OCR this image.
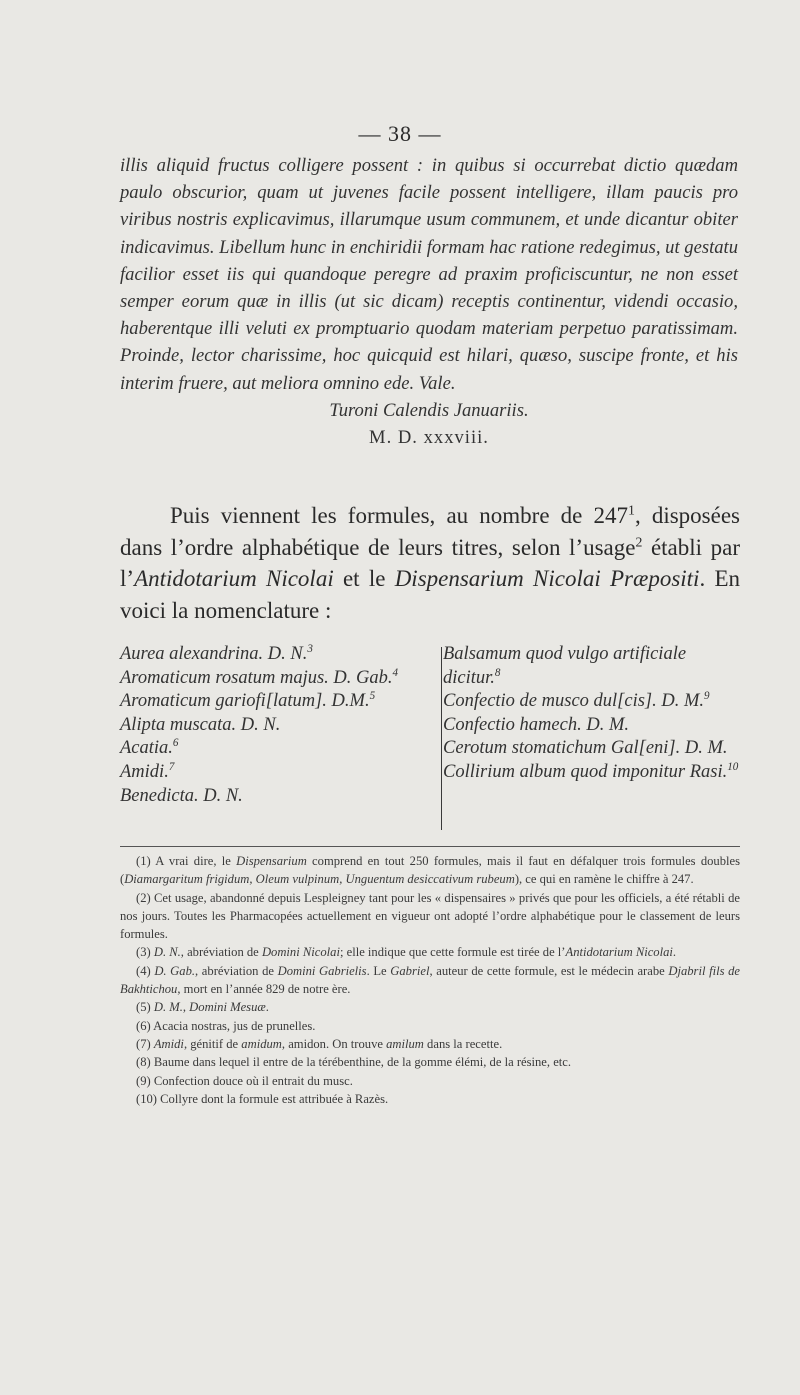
— 38 —

illis aliquid fructus colligere possent : in quibus si occurrebat dictio quædam paulo obscurior, quam ut juvenes facile possent intelligere, illam paucis pro viribus nostris explicavimus, illarumque usum communem, et unde dicantur obiter indicavimus. Libellum hunc in enchiridii formam hac ratione redegimus, ut gestatu facilior esset iis qui quandoque peregre ad praxim proficiscuntur, ne non esset semper eorum quæ in illis (ut sic dicam) receptis continentur, videndi occasio, haberentque illi veluti ex promptuario quodam materiam perpetuo paratissimam. Proinde, lector charissime, hoc quicquid est hilari, quæso, suscipe fronte, et his interim fruere, aut meliora omnino ede. Vale.

Turoni Calendis Januariis.

M. D. xxxviii.

Puis viennent les formules, au nombre de $247^1$, disposées dans l’ordre alphabétique de leurs titres, selon l’usage$^2$ établi par l’Antidotarium Nicolai et le Dispensarium Nicolai Præpositi. En voici la nomenclature :

Aurea alexandrina. D. N.$^3$

Aromaticum rosatum majus. D. Gab.$^4$

Aromaticum gariofi[latum]. D.M.$^5$

Alipta muscata. D. N.

Acatia.$^6$

Amidi.$^7$

Benedicta. D. N.

Balsamum quod vulgo artificiale dicitur.$^8$

Confectio de musco dul[cis]. D. M.$^9$

Confectio hamech. D. M.

Cerotum stomatichum Gal[eni]. D. M.

Collirium album quod imponitur Rasi.$^{10}$

(1) A vrai dire, le Dispensarium comprend en tout 250 formules, mais il faut en défalquer trois formules doubles (Diamargaritum frigidum, Oleum vulpinum, Unguentum desiccativum rubeum), ce qui en ramène le chiffre à 247.

(2) Cet usage, abandonné depuis Lespleigney tant pour les « dispensaires » privés que pour les officiels, a été rétabli de nos jours. Toutes les Pharmacopées actuellement en vigueur ont adopté l’ordre alphabétique pour le classement de leurs formules.

(3) D. N., abréviation de Domini Nicolai; elle indique que cette formule est tirée de l’Antidotarium Nicolai.

(4) D. Gab., abréviation de Domini Gabrielis. Le Gabriel, auteur de cette formule, est le médecin arabe Djabril fils de Bakhtichou, mort en l’année 829 de notre ère.

(5) D. M., Domini Mesuæ.

(6) Acacia nostras, jus de prunelles.

(7) Amidi, génitif de amidum, amidon. On trouve amilum dans la recette.

(8) Baume dans lequel il entre de la térébenthine, de la gomme élémi, de la résine, etc.

(9) Confection douce où il entrait du musc.

(10) Collyre dont la formule est attribuée à Razès.
